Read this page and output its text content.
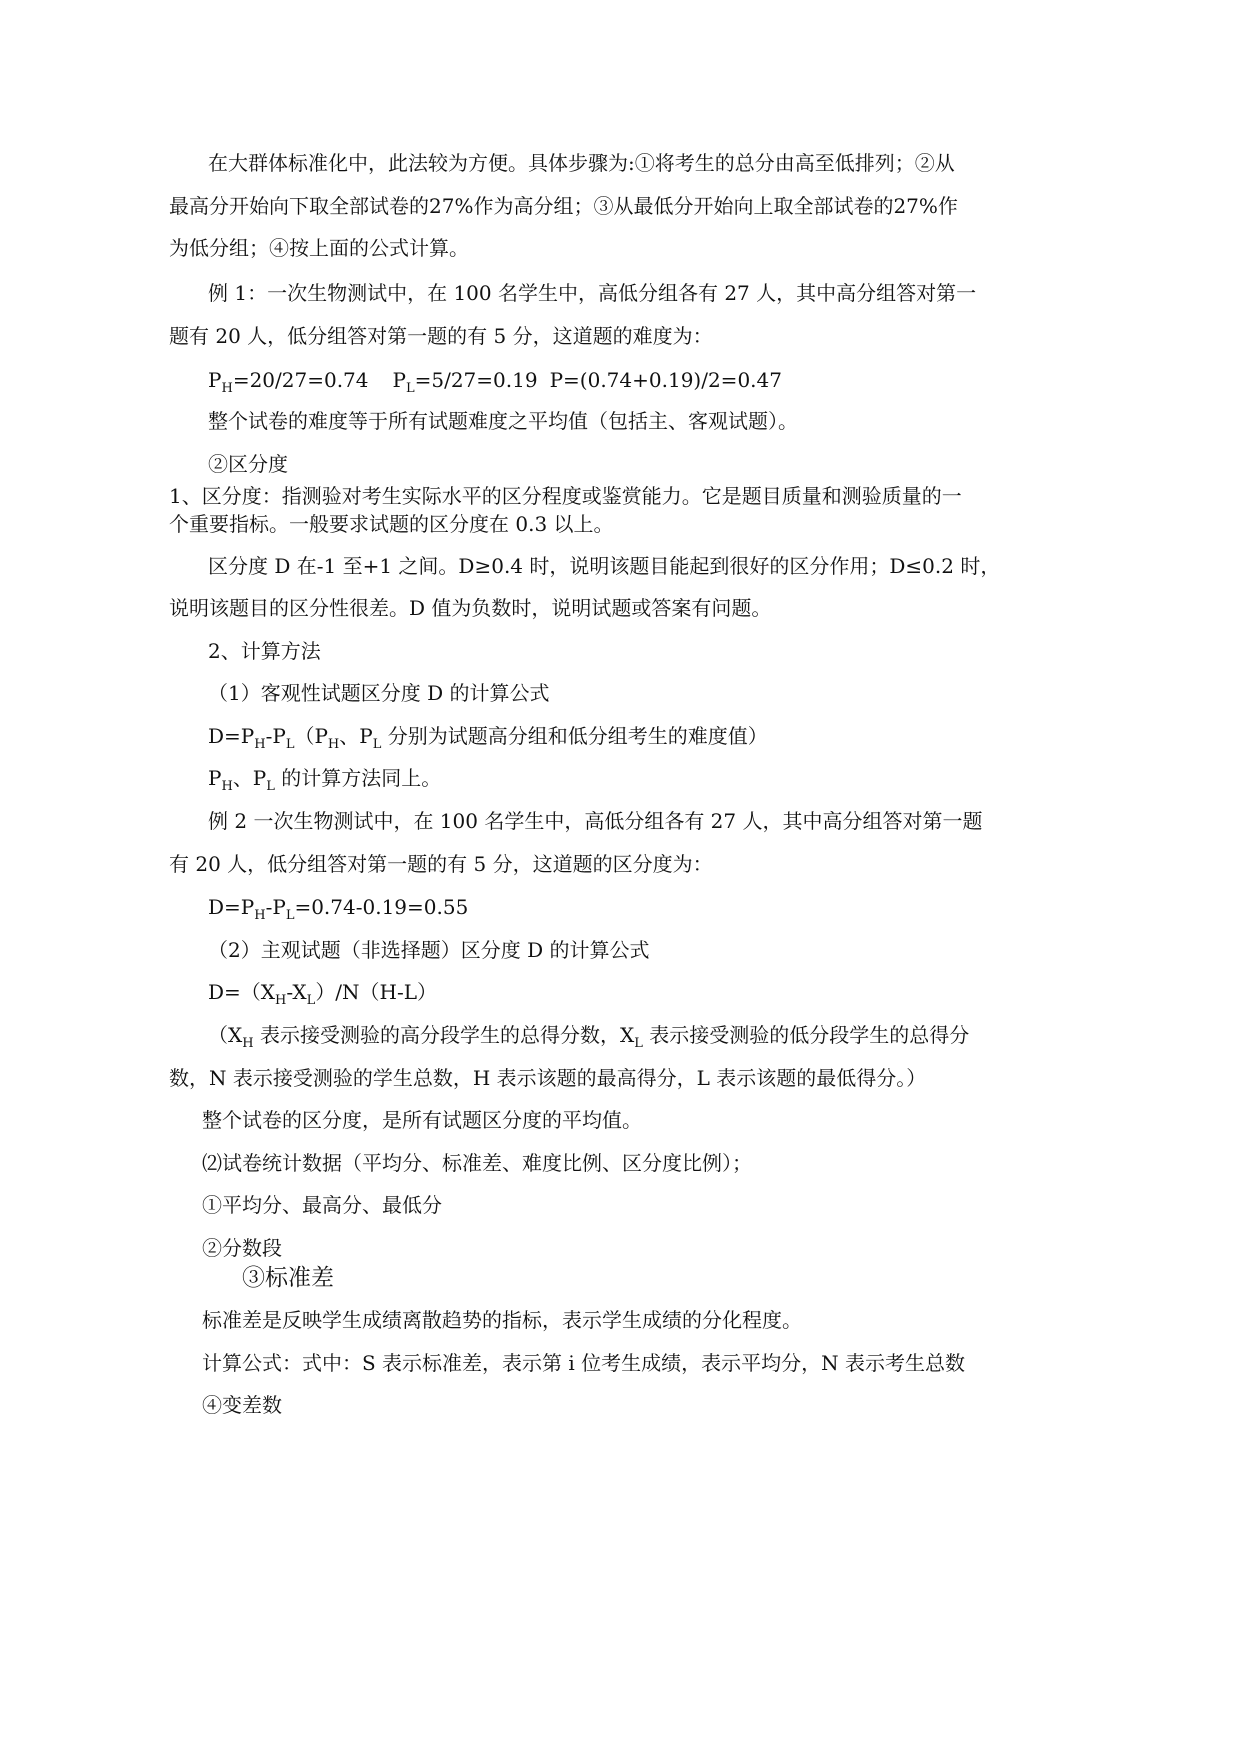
在大群体标准化中，此法较为方便。具体步骤为:①将考生的总分由高至低排列；②从
最高分开始向下取全部试卷的27%作为高分组；③从最低分开始向上取全部试卷的27%作
为低分组；④按上面的公式计算。
例 1：一次生物测试中，在 100 名学生中，高低分组各有 27 人，其中高分组答对第一
题有 20 人，低分组答对第一题的有 5 分，这道题的难度为：
$P_H=20/27=0.74$ $P_L=5/27=0.19$ P=(0.74+0.19)/2=0.47
整个试卷的难度等于所有试题难度之平均值（包括主、客观试题）。
②区分度
1、区分度：指测验对考生实际水平的区分程度或鉴赏能力。它是题目质量和测验质量的一
个重要指标。一般要求试题的区分度在 0.3 以上。
区分度 D 在-1 至+1 之间。D≥0.4 时，说明该题目能起到很好的区分作用；D≤0.2 时，
说明该题目的区分性很差。D 值为负数时，说明试题或答案有问题。
2、计算方法
（1）客观性试题区分度 D 的计算公式
$D=P_H-P_L(P_H$、$P_L$ 分别为试题高分组和低分组考生的难度值）
$P_H$、$P_L$ 的计算方法同上。
例 2 一次生物测试中，在 100 名学生中，高低分组各有 27 人，其中高分组答对第一题
有 20 人，低分组答对第一题的有 5 分，这道题的区分度为：
$D=P_H-P_L=0.74-0.19=0.55$
（2）主观试题（非选择题）区分度 D 的计算公式
$D=(X_H-X_L)/N(H-L)$
（$X_H$ 表示接受测验的高分段学生的总得分数，$X_L$ 表示接受测验的低分段学生的总得分
数，N 表示接受测验的学生总数，H 表示该题的最高得分，L 表示该题的最低得分。）
整个试卷的区分度，是所有试题区分度的平均值。
⑵试卷统计数据（平均分、标准差、难度比例、区分度比例）；
①平均分、最高分、最低分
②分数段
③标准差
标准差是反映学生成绩离散趋势的指标，表示学生成绩的分化程度。
计算公式：式中：S 表示标准差，表示第 i 位考生成绩，表示平均分，N 表示考生总数
④变差数
